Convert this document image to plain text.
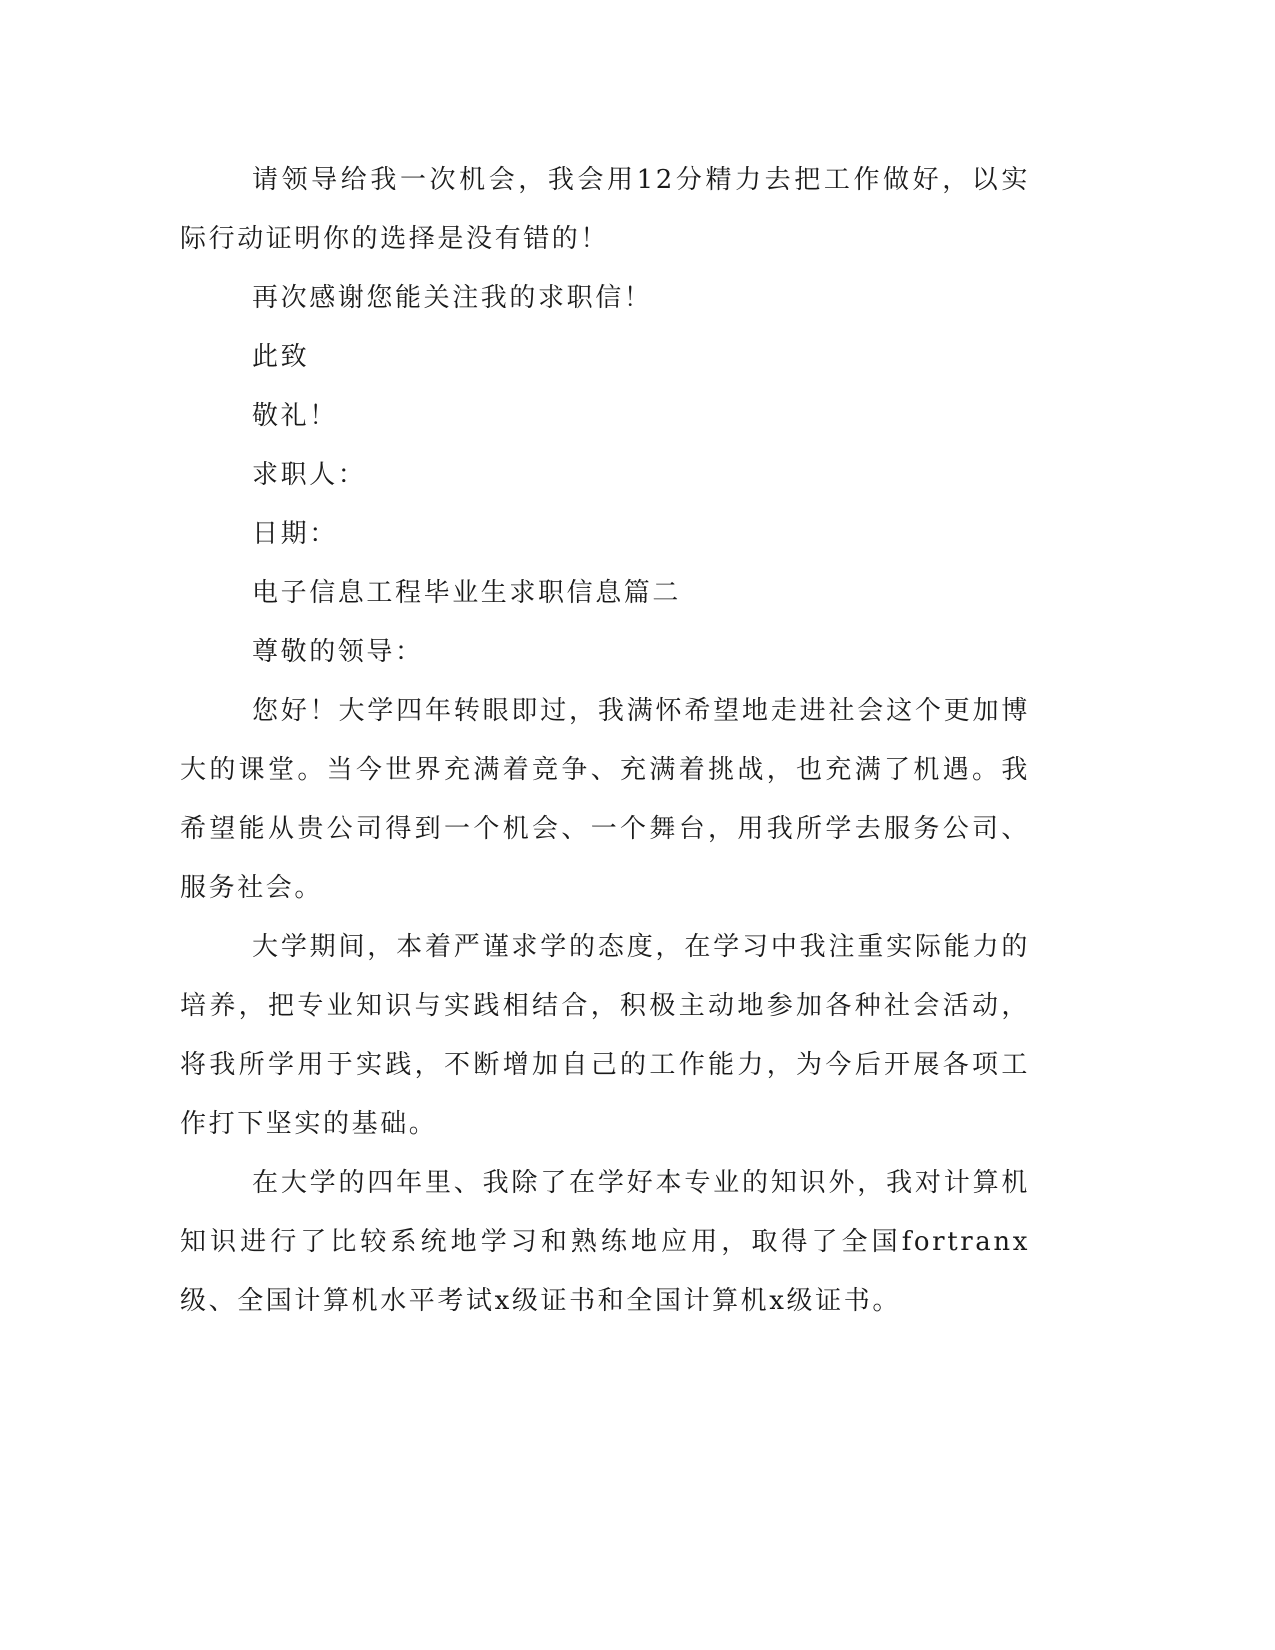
请领导给我一次机会，我会用12分精力去把工作做好，以实际行动证明你的选择是没有错的！

再次感谢您能关注我的求职信！

此致

敬礼！

求职人：

日期：

电子信息工程毕业生求职信息篇二

尊敬的领导：

您好！大学四年转眼即过，我满怀希望地走进社会这个更加博大的课堂。当今世界充满着竞争、充满着挑战，也充满了机遇。我希望能从贵公司得到一个机会、一个舞台，用我所学去服务公司、服务社会。

大学期间，本着严谨求学的态度，在学习中我注重实际能力的培养，把专业知识与实践相结合，积极主动地参加各种社会活动，将我所学用于实践，不断增加自己的工作能力，为今后开展各项工作打下坚实的基础。

在大学的四年里、我除了在学好本专业的知识外，我对计算机知识进行了比较系统地学习和熟练地应用，取得了全国fortranx级、全国计算机水平考试x级证书和全国计算机x级证书。
